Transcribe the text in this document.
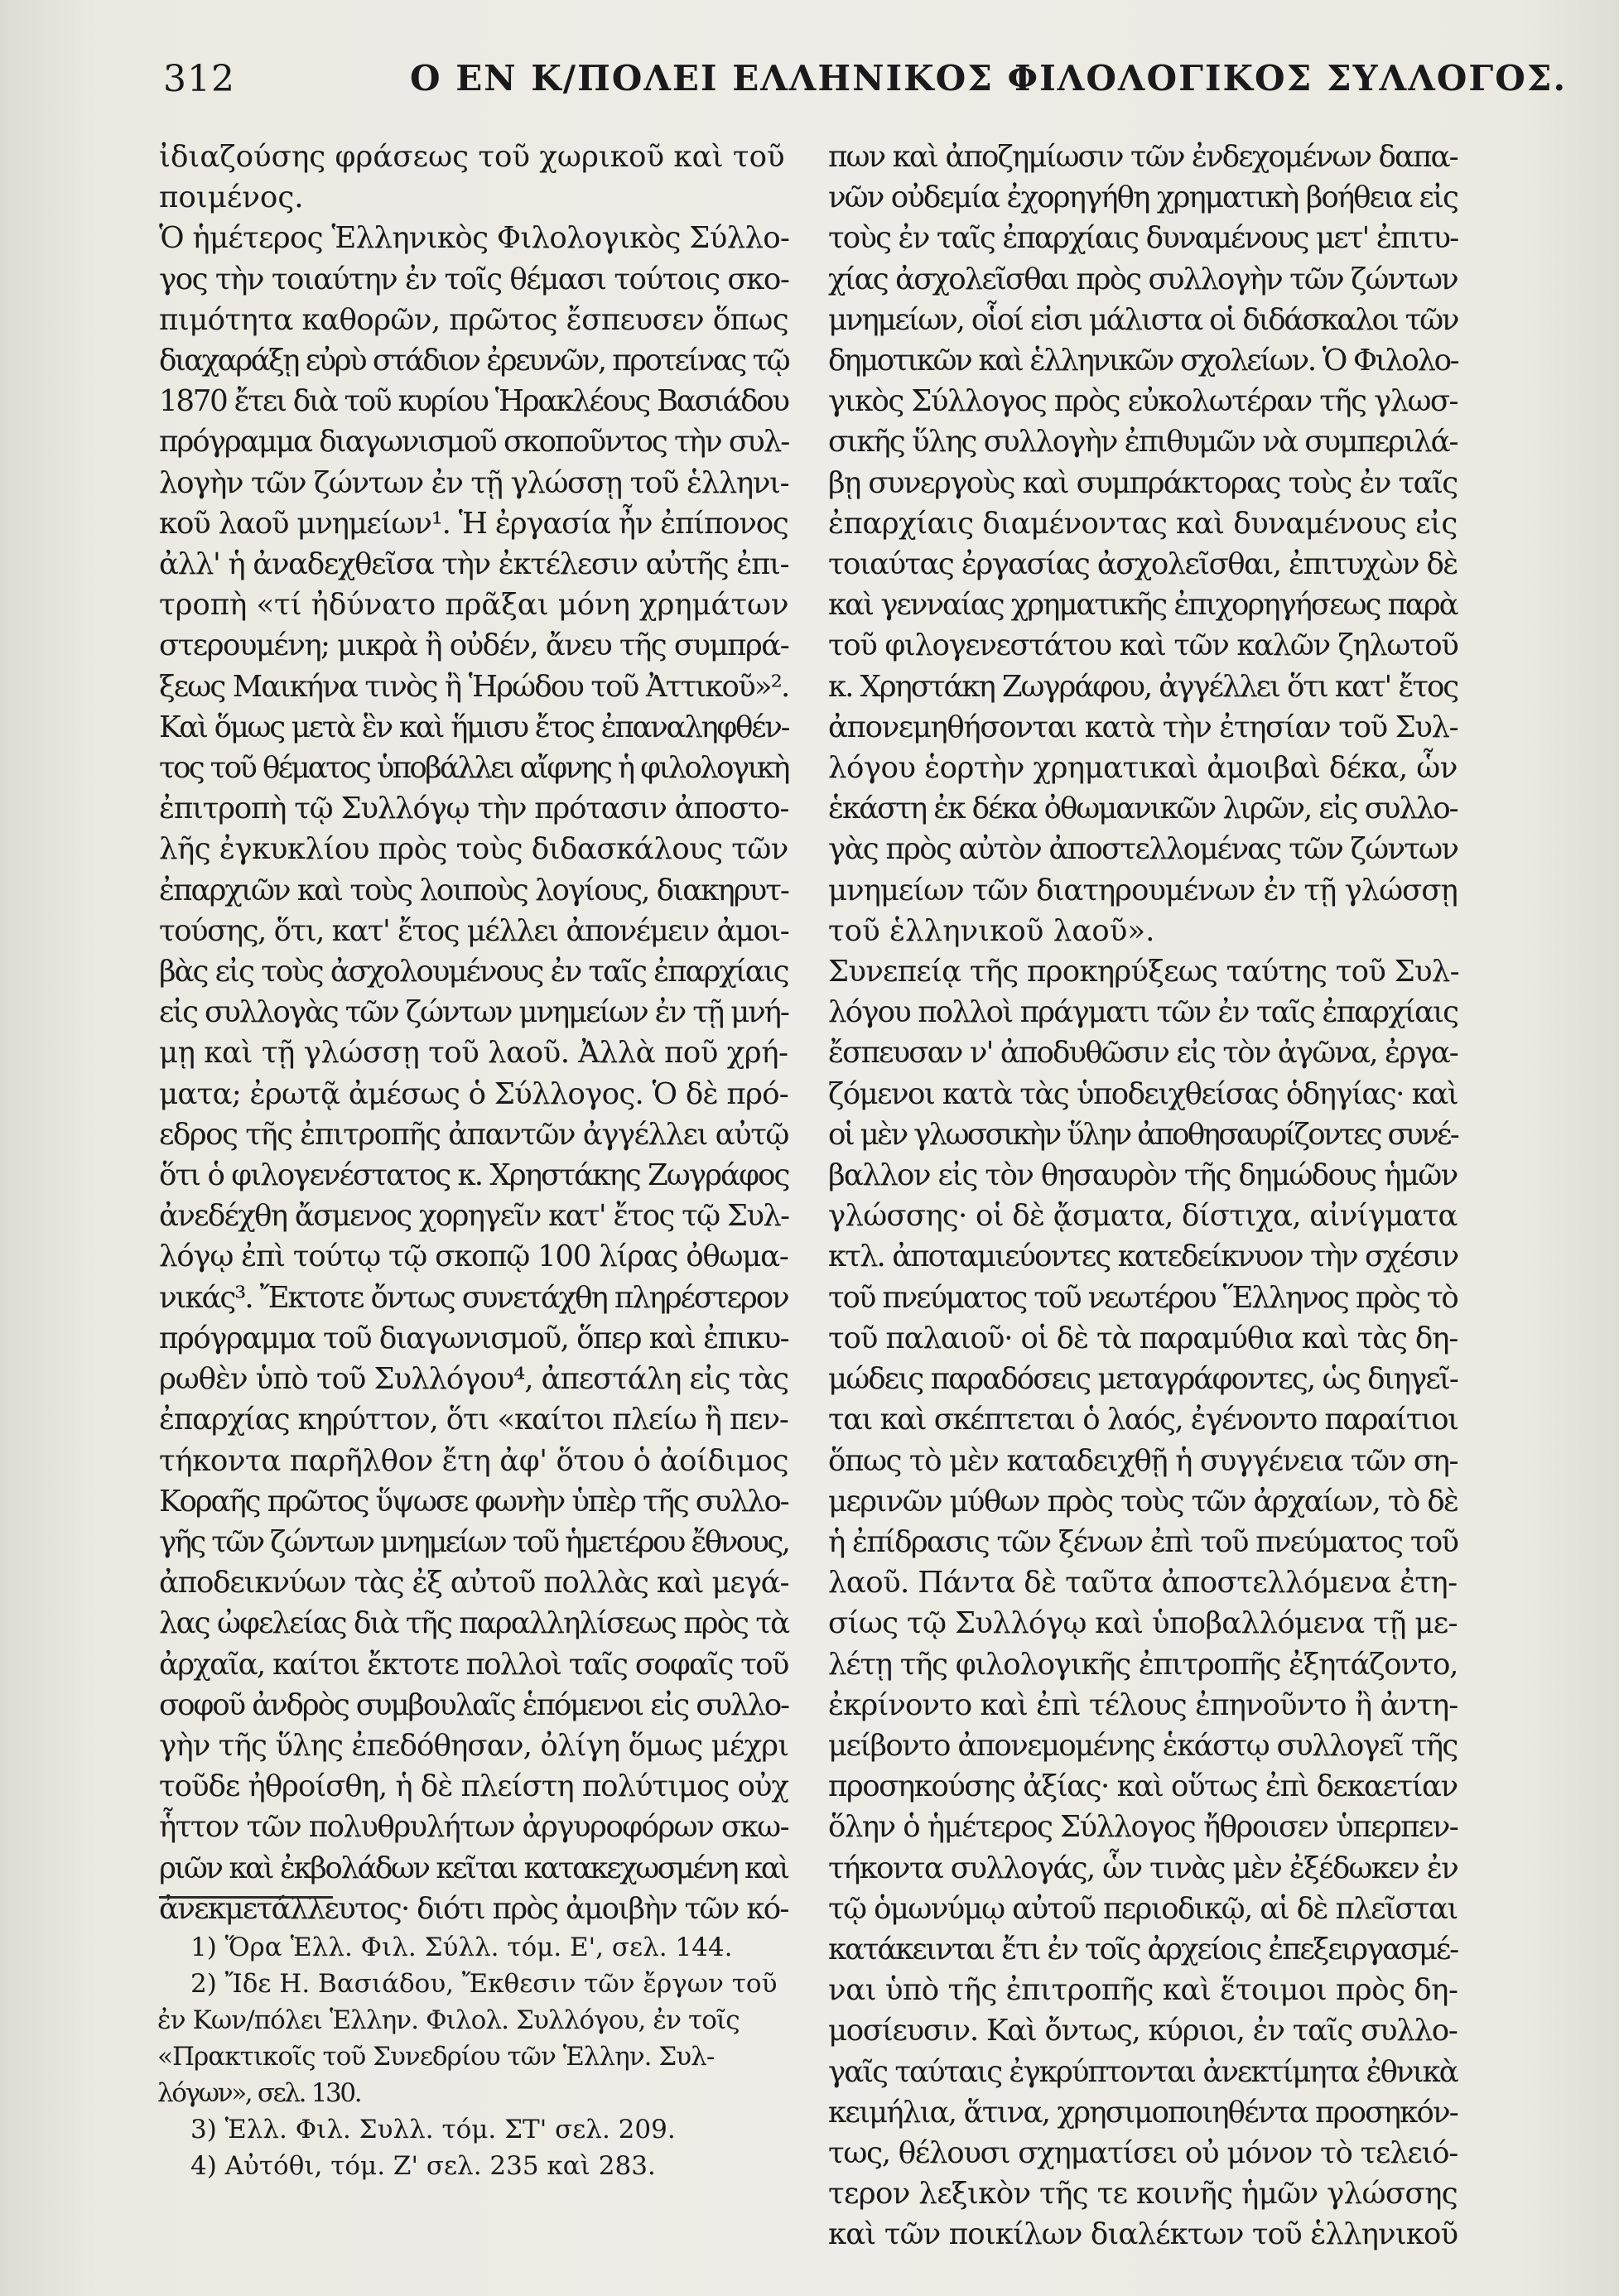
312	Ο ΕΝ Κ/ΠΟΛΕΙ ΕΛΛΗΝΙΚΟΣ ΦΙΛΟΛΟΓΙΚΟΣ ΣΥΛΛΟΓΟΣ.
ἰδιαζούσης φράσεως τοῦ χωρικοῦ καὶ τοῦ
ποιμένος.
Ὁ ἡμέτερος Ἑλληνικὸς Φιλολογικὸς Σύλλο-
γος τὴν τοιαύτην ἐν τοῖς θέμασι τούτοις σκο-
πιμότητα καθορῶν, πρῶτος ἔσπευσεν ὅπως
διαχαράξῃ εὐρὺ στάδιον ἐρευνῶν, προτείνας τῷ
1870 ἔτει διὰ τοῦ κυρίου Ἡρακλέους Βασιάδου
πρόγραμμα διαγωνισμοῦ σκοποῦντος τὴν συλ-
λογὴν τῶν ζώντων ἐν τῇ γλώσσῃ τοῦ ἑλληνι-
κοῦ λαοῦ μνημείων¹. Ἡ ἐργασία ἦν ἐπίπονος
ἀλλ' ἡ ἀναδεχθεῖσα τὴν ἐκτέλεσιν αὐτῆς ἐπι-
τροπὴ «τί ἠδύνατο πρᾶξαι μόνη χρημάτων
στερουμένη; μικρὰ ἢ οὐδέν, ἄνευ τῆς συμπρά-
ξεως Μαικήνα τινὸς ἢ Ἡρώδου τοῦ Ἀττικοῦ»².
Καὶ ὅμως μετὰ ἓν καὶ ἥμισυ ἔτος ἐπαναληφθέν-
τος τοῦ θέματος ὑποβάλλει αἴφνης ἡ φιλολογικὴ
ἐπιτροπὴ τῷ Συλλόγῳ τὴν πρότασιν ἀποστο-
λῆς ἐγκυκλίου πρὸς τοὺς διδασκάλους τῶν
ἐπαρχιῶν καὶ τοὺς λοιποὺς λογίους, διακηρυτ-
τούσης, ὅτι, κατ' ἔτος μέλλει ἀπονέμειν ἀμοι-
βὰς εἰς τοὺς ἀσχολουμένους ἐν ταῖς ἐπαρχίαις
εἰς συλλογὰς τῶν ζώντων μνημείων ἐν τῇ μνή-
μῃ καὶ τῇ γλώσσῃ τοῦ λαοῦ. Ἀλλὰ ποῦ χρή-
ματα; ἐρωτᾷ ἀμέσως ὁ Σύλλογος. Ὁ δὲ πρό-
εδρος τῆς ἐπιτροπῆς ἀπαντῶν ἀγγέλλει αὐτῷ
ὅτι ὁ φιλογενέστατος κ. Χρηστάκης Ζωγράφος
ἀνεδέχθη ἄσμενος χορηγεῖν κατ' ἔτος τῷ Συλ-
λόγῳ ἐπὶ τούτῳ τῷ σκοπῷ 100 λίρας ὀθωμα-
νικάς³. Ἔκτοτε ὄντως συνετάχθη πληρέστερον
πρόγραμμα τοῦ διαγωνισμοῦ, ὅπερ καὶ ἐπικυ-
ρωθὲν ὑπὸ τοῦ Συλλόγου⁴, ἀπεστάλη εἰς τὰς
ἐπαρχίας κηρύττον, ὅτι «καίτοι πλείω ἢ πεν-
τήκοντα παρῆλθον ἔτη ἀφ' ὅτου ὁ ἀοίδιμος
Κοραῆς πρῶτος ὕψωσε φωνὴν ὑπὲρ τῆς συλλο-
γῆς τῶν ζώντων μνημείων τοῦ ἡμετέρου ἔθνους,
ἀποδεικνύων τὰς ἐξ αὐτοῦ πολλὰς καὶ μεγά-
λας ὠφελείας διὰ τῆς παραλληλίσεως πρὸς τὰ
ἀρχαῖα, καίτοι ἔκτοτε πολλοὶ ταῖς σοφαῖς τοῦ
σοφοῦ ἀνδρὸς συμβουλαῖς ἑπόμενοι εἰς συλλο-
γὴν τῆς ὕλης ἐπεδόθησαν, ὀλίγη ὅμως μέχρι
τοῦδε ἠθροίσθη, ἡ δὲ πλείστη πολύτιμος οὐχ
ἧττον τῶν πολυθρυλήτων ἀργυροφόρων σκω-
ριῶν καὶ ἐκβολάδων κεῖται κατακεχωσμένη καὶ
ἀνεκμετάλλευτος· διότι πρὸς ἀμοιβὴν τῶν κό-
πων καὶ ἀποζημίωσιν τῶν ἐνδεχομένων δαπα-
νῶν οὐδεμία ἐχορηγήθη χρηματικὴ βοήθεια εἰς
τοὺς ἐν ταῖς ἐπαρχίαις δυναμένους μετ' ἐπιτυ-
χίας ἀσχολεῖσθαι πρὸς συλλογὴν τῶν ζώντων
μνημείων, οἷοί εἰσι μάλιστα οἱ διδάσκαλοι τῶν
δημοτικῶν καὶ ἑλληνικῶν σχολείων. Ὁ Φιλολο-
γικὸς Σύλλογος πρὸς εὐκολωτέραν τῆς γλωσ-
σικῆς ὕλης συλλογὴν ἐπιθυμῶν νὰ συμπεριλά-
βῃ συνεργοὺς καὶ συμπράκτορας τοὺς ἐν ταῖς
ἐπαρχίαις διαμένοντας καὶ δυναμένους εἰς
τοιαύτας ἐργασίας ἀσχολεῖσθαι, ἐπιτυχὼν δὲ
καὶ γενναίας χρηματικῆς ἐπιχορηγήσεως παρὰ
τοῦ φιλογενεστάτου καὶ τῶν καλῶν ζηλωτοῦ
κ. Χρηστάκη Ζωγράφου, ἀγγέλλει ὅτι κατ' ἔτος
ἀπονεμηθήσονται κατὰ τὴν ἐτησίαν τοῦ Συλ-
λόγου ἑορτὴν χρηματικαὶ ἀμοιβαὶ δέκα, ὧν
ἑκάστη ἐκ δέκα ὀθωμανικῶν λιρῶν, εἰς συλλο-
γὰς πρὸς αὐτὸν ἀποστελλομένας τῶν ζώντων
μνημείων τῶν διατηρουμένων ἐν τῇ γλώσσῃ
τοῦ ἑλληνικοῦ λαοῦ».
Συνεπείᾳ τῆς προκηρύξεως ταύτης τοῦ Συλ-
λόγου πολλοὶ πράγματι τῶν ἐν ταῖς ἐπαρχίαις
ἔσπευσαν ν' ἀποδυθῶσιν εἰς τὸν ἀγῶνα, ἐργα-
ζόμενοι κατὰ τὰς ὑποδειχθείσας ὁδηγίας· καὶ
οἱ μὲν γλωσσικὴν ὕλην ἀποθησαυρίζοντες συνέ-
βαλλον εἰς τὸν θησαυρὸν τῆς δημώδους ἡμῶν
γλώσσης· οἱ δὲ ᾄσματα, δίστιχα, αἰνίγματα
κτλ. ἀποταμιεύοντες κατεδείκνυον τὴν σχέσιν
τοῦ πνεύματος τοῦ νεωτέρου Ἕλληνος πρὸς τὸ
τοῦ παλαιοῦ· οἱ δὲ τὰ παραμύθια καὶ τὰς δη-
μώδεις παραδόσεις μεταγράφοντες, ὡς διηγεῖ-
ται καὶ σκέπτεται ὁ λαός, ἐγένοντο παραίτιοι
ὅπως τὸ μὲν καταδειχθῇ ἡ συγγένεια τῶν ση-
μερινῶν μύθων πρὸς τοὺς τῶν ἀρχαίων, τὸ δὲ
ἡ ἐπίδρασις τῶν ξένων ἐπὶ τοῦ πνεύματος τοῦ
λαοῦ. Πάντα δὲ ταῦτα ἀποστελλόμενα ἐτη-
σίως τῷ Συλλόγῳ καὶ ὑποβαλλόμενα τῇ με-
λέτῃ τῆς φιλολογικῆς ἐπιτροπῆς ἐξητάζοντο,
ἐκρίνοντο καὶ ἐπὶ τέλους ἐπηνοῦντο ἢ ἀντη-
μείβοντο ἀπονεμομένης ἑκάστῳ συλλογεῖ τῆς
προσηκούσης ἀξίας· καὶ οὕτως ἐπὶ δεκαετίαν
ὅλην ὁ ἡμέτερος Σύλλογος ἤθροισεν ὑπερπεν-
τήκοντα συλλογάς, ὧν τινὰς μὲν ἐξέδωκεν ἐν
τῷ ὁμωνύμῳ αὐτοῦ περιοδικῷ, αἱ δὲ πλεῖσται
κατάκεινται ἔτι ἐν τοῖς ἀρχείοις ἐπεξειργασμέ-
ναι ὑπὸ τῆς ἐπιτροπῆς καὶ ἕτοιμοι πρὸς δη-
μοσίευσιν. Καὶ ὄντως, κύριοι, ἐν ταῖς συλλο-
γαῖς ταύταις ἐγκρύπτονται ἀνεκτίμητα ἐθνικὰ
κειμήλια, ἅτινα, χρησιμοποιηθέντα προσηκόν-
τως, θέλουσι σχηματίσει οὐ μόνον τὸ τελειό-
τερον λεξικὸν τῆς τε κοινῆς ἡμῶν γλώσσης
καὶ τῶν ποικίλων διαλέκτων τοῦ ἑλληνικοῦ
1) Ὅρα Ἑλλ. Φιλ. Σύλλ. τόμ. Ε', σελ. 144.
2) Ἴδε Η. Βασιάδου, Ἔκθεσιν τῶν ἔργων τοῦ
ἐν Κων/πόλει Ἑλλην. Φιλολ. Συλλόγου, ἐν τοῖς
«Πρακτικοῖς τοῦ Συνεδρίου τῶν Ἑλλην. Συλ-
λόγων», σελ. 130.
3) Ἑλλ. Φιλ. Συλλ. τόμ. ΣΤ' σελ. 209.
4) Αὐτόθι, τόμ. Ζ' σελ. 235 καὶ 283.
